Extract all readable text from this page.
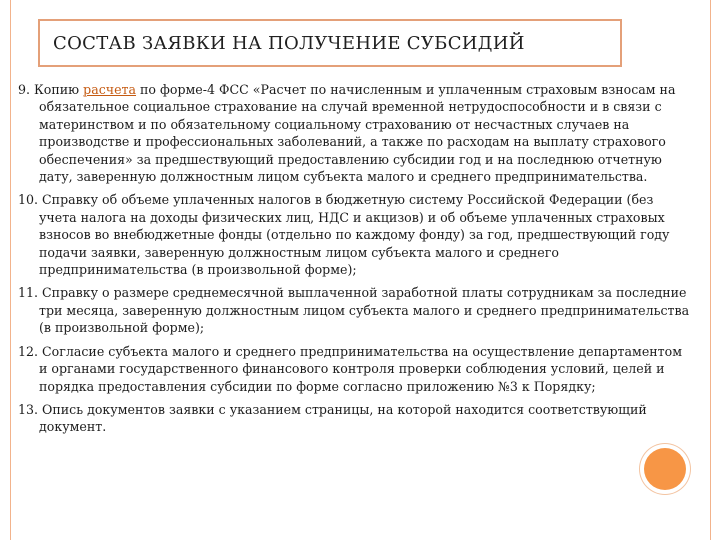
СОСТАВ ЗАЯВКИ НА ПОЛУЧЕНИЕ СУБСИДИЙ

9. Копию расчета по форме-4 ФСС «Расчет по начисленным и уплаченным страховым взносам на обязательное социальное страхование на случай временной нетрудоспособности и в связи с материнством и по обязательному социальному страхованию от несчастных случаев на производстве и профессиональных заболеваний, а также по расходам на выплату страхового обеспечения» за предшествующий предоставлению субсидии год и на последнюю отчетную дату, заверенную должностным лицом субъекта малого и среднего предпринимательства.

10. Справку об объеме уплаченных налогов в бюджетную систему Российской Федерации (без учета налога на доходы физических лиц, НДС и акцизов) и об объеме уплаченных страховых взносов во внебюджетные фонды (отдельно по каждому фонду) за год, предшествующий году подачи заявки, заверенную должностным лицом субъекта малого и среднего предпринимательства (в произвольной форме);

11. Справку о размере среднемесячной выплаченной заработной платы сотрудникам за последние три месяца, заверенную должностным лицом субъекта малого и среднего предпринимательства (в произвольной форме);

12. Согласие субъекта малого и среднего предпринимательства на осуществление департаментом и органами государственного финансового контроля проверки соблюдения условий, целей и порядка предоставления субсидии по форме согласно приложению №3 к Порядку;

13. Опись документов заявки с указанием страницы, на которой находится соответствующий документ.
